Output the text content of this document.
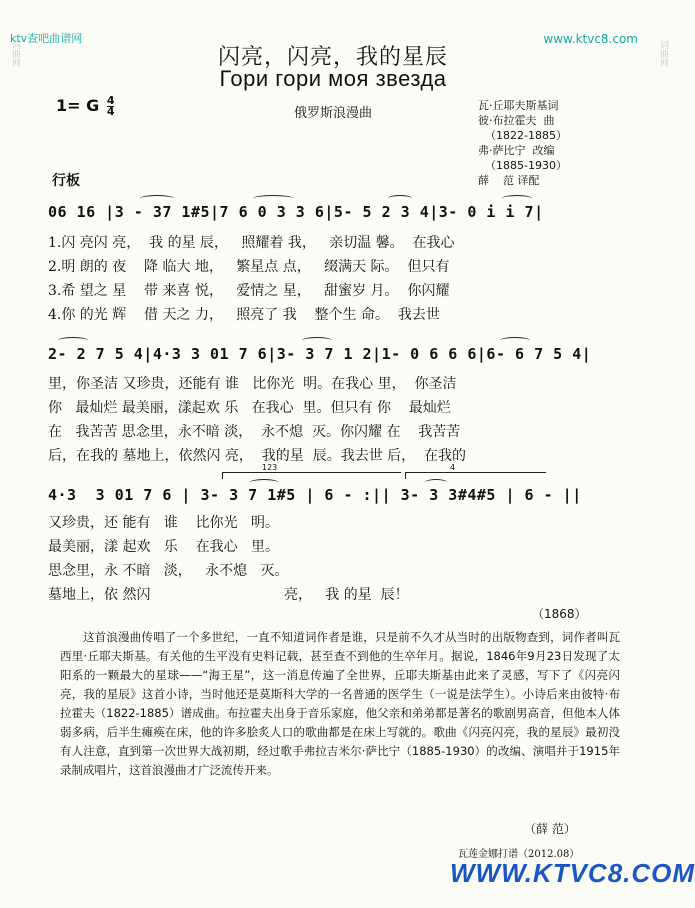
词曲网	词曲网
ktv查吧曲谱网	www.ktvc8.com
闪亮，闪亮，我的星辰
Гори гори моя звезда
俄罗斯浪漫曲
1= G $\frac{4}{4}$	瓦·丘耶夫斯基词
彼·布拉霍夫  曲
（1822-1885）
弗·萨比宁  改编
（1885-1930）
薛    范 译配
行板
06 16 |3 - 37 1#5|7 6 0 3 3 6|5- 5 2 3 4|3- 0 i i 7|
1.闪 亮闪 亮，  我 的星 辰，   照耀着 我，   亲切温 馨。  在我心
2.明 朗的 夜    降 临大 地，   繁星点 点，   缀满天 际。  但只有
3.希 望之 星    带 来喜 悦，   爱情之 星，   甜蜜岁 月。  你闪耀
4.你 的光 辉    借 天之 力，   照亮了 我    整个生 命。  我去世
2- 2 7 5 4|4·3 3 01 7 6|3- 3 7 1 2|1- 0 6 6 6|6- 6 7 5 4|
里，你圣洁 又珍贵，还能有 谁   比你光  明。在我心 里，  你圣洁
你   最灿烂 最美丽，漾起欢 乐   在我心  里。但只有 你    最灿烂
在   我苦苦 思念里，永不暗 淡，  永不熄  灭。你闪耀 在    我苦苦
后，在我的 墓地上，依然闪 亮，  我的星  辰。我去世 后，  在我的
123	4
4·3  3 01 7 6 | 3- 3 7 1#5 | 6 - :|| 3- 3 3#4#5 | 6 - ||
又珍贵，还 能有   谁    比你光   明。
最美丽，漾 起欢   乐    在我心   里。
思念里，永 不暗   淡，   永不熄   灭。
墓地上，依 然闪                              亮，   我 的星  辰！
（1868）
这首浪漫曲传唱了一个多世纪，一直不知道词作者是谁，只是前不久才从当时的出版物查到，词作者叫瓦西里·丘耶夫斯基。有关他的生平没有史料记载，甚至查不到他的生卒年月。据说，1846年9月23日发现了太阳系的一颗最大的星球——“海王星”，这一消息传遍了全世界，丘耶夫斯基由此来了灵感，写下了《闪亮闪亮，我的星辰》这首小诗，当时他还是莫斯科大学的一名普通的医学生（一说是法学生）。小诗后来由彼特·布拉霍夫（1822-1885）谱成曲。布拉霍夫出身于音乐家庭，他父亲和弟弟都是著名的歌剧男高音，但他本人体弱多病，后半生瘫痪在床，他的许多脍炙人口的歌曲都是在床上写就的。歌曲《闪亮闪亮，我的星辰》最初没有人注意，直到第一次世界大战初期，经过歌手弗拉吉米尔·萨比宁（1885-1930）的改编、演唱并于1915年录制成唱片，这首浪漫曲才广泛流传开来。
（薛 范）
瓦莲金娜打谱（2012.08）
WWW.KTVC8.COM
